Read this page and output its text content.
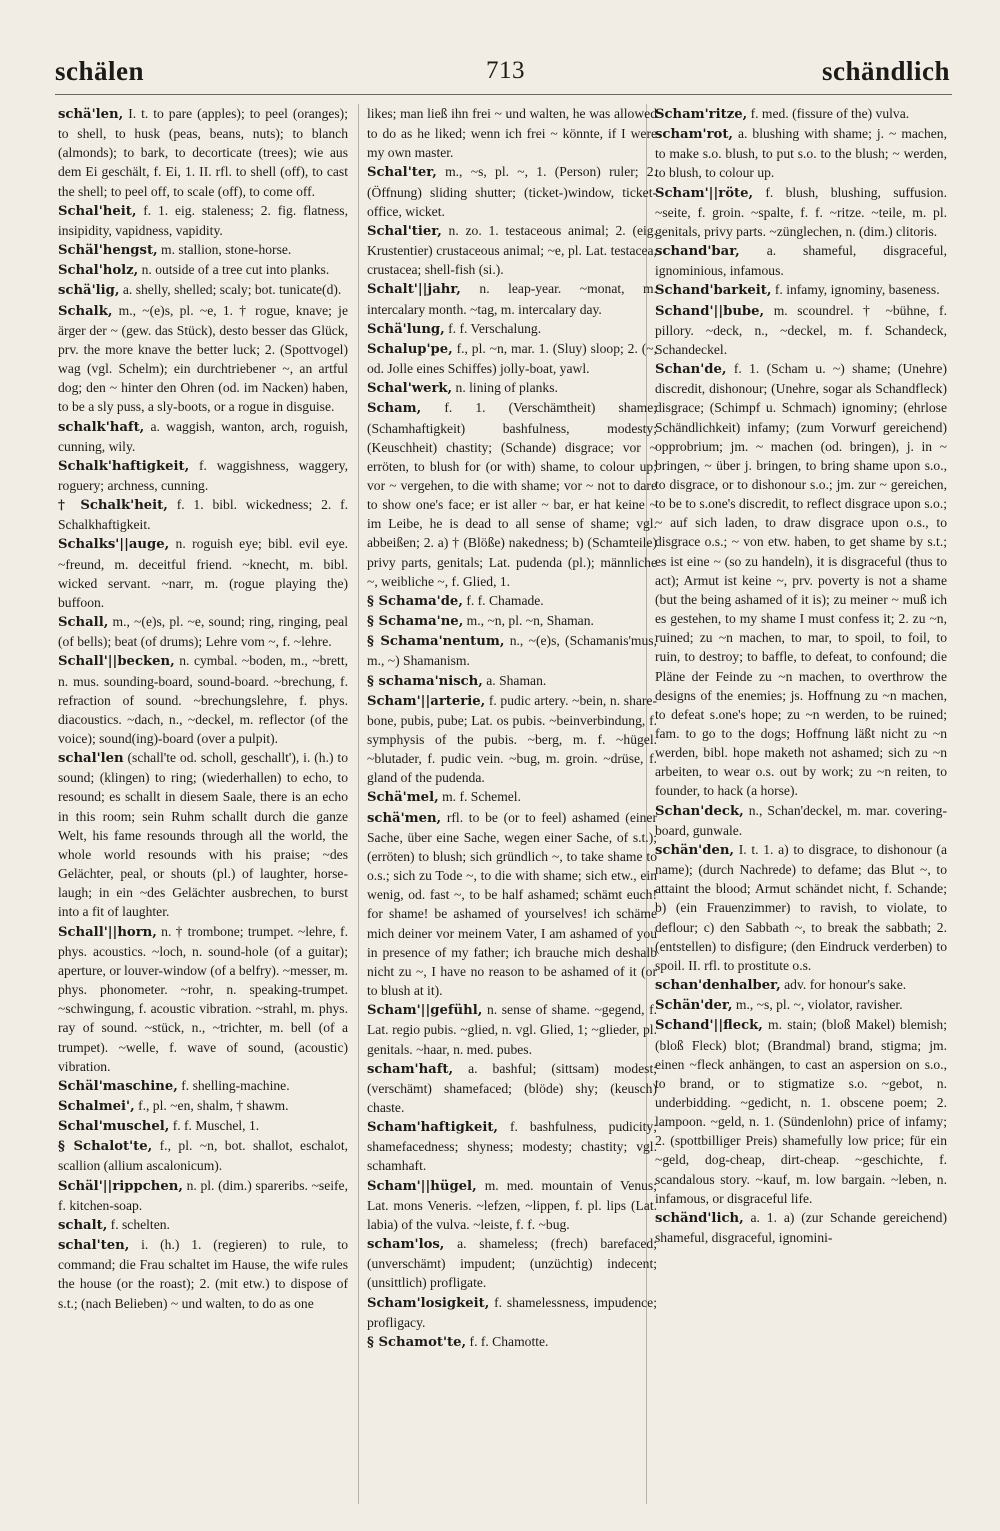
schälen	713	schändlich

schä'len, I. t. to pare (apples); to peel (oranges); to shell, to husk (peas, beans, nuts); to blanch (almonds); to bark, to decorticate (trees); wie aus dem Ei geschält, f. Ei, 1. II. rfl. to shell (off), to cast the shell; to peel off, to scale (off), to come off.

Schal'heit, f. 1. eig. staleness; 2. fig. flatness, insipidity, vapidness, vapidity.

Schäl'hengst, m. stallion, stone-horse.

Schal'holz, n. outside of a tree cut into planks.

schä'lig, a. shelly, shelled; scaly; bot. tunicate(d).

Schalk, m., ~(e)s, pl. ~e, 1. † rogue, knave; je ärger der ~ (gew. das Stück), desto besser das Glück, prv. the more knave the better luck; 2. (Spottvogel) wag (vgl. Schelm); ein durchtriebener ~, an artful dog; den ~ hinter den Ohren (od. im Nacken) haben, to be a sly puss, a sly-boots, or a rogue in disguise.

schalk'haft, a. waggish, wanton, arch, roguish, cunning, wily.

Schalk'haftigkeit, f. waggishness, waggery, roguery; archness, cunning.

† Schalk'heit, f. 1. bibl. wickedness; 2. f. Schalkhaftigkeit.

Schalks'||auge, n. roguish eye; bibl. evil eye. ~freund, m. deceitful friend. ~knecht, m. bibl. wicked servant. ~narr, m. (rogue playing the) buffoon.

Schall, m., ~(e)s, pl. ~e, sound; ring, ringing, peal (of bells); beat (of drums); Lehre vom ~, f. ~lehre.

Schall'||becken, n. cymbal. ~boden, m., ~brett, n. mus. sounding-board, sound-board. ~brechung, f. refraction of sound. ~brechungslehre, f. phys. diacoustics. ~dach, n., ~deckel, m. reflector (of the voice); sound(ing)-board (over a pulpit).

schal'len (schall'te od. scholl, geschallt'), i. (h.) to sound; (klingen) to ring; (wiederhallen) to echo, to resound; es schallt in diesem Saale, there is an echo in this room; sein Ruhm schallt durch die ganze Welt, his fame resounds through all the world, the whole world resounds with his praise; ~des Gelächter, peal, or shouts (pl.) of laughter, horse-laugh; in ein ~des Gelächter ausbrechen, to burst into a fit of laughter.

Schall'||horn, n. † trombone; trumpet. ~lehre, f. phys. acoustics. ~loch, n. sound-hole (of a guitar); aperture, or louver-window (of a belfry). ~messer, m. phys. phonometer. ~rohr, n. speaking-trumpet. ~schwingung, f. acoustic vibration. ~strahl, m. phys. ray of sound. ~stück, n., ~trichter, m. bell (of a trumpet). ~welle, f. wave of sound, (acoustic) vibration.

Schäl'maschine, f. shelling-machine.

Schalmei', f., pl. ~en, shalm, † shawm.

Schal'muschel, f. f. Muschel, 1.

§ Schalot'te, f., pl. ~n, bot. shallot, eschalot, scallion (allium ascalonicum).

Schäl'||rippchen, n. pl. (dim.) spareribs. ~seife, f. kitchen-soap.

schalt, f. schelten.

schal'ten, i. (h.) 1. (regieren) to rule, to command; die Frau schaltet im Hause, the wife rules the house (or the roast); 2. (mit etw.) to dispose of s.t.; (nach Belieben) ~ und walten, to do as one

likes; man ließ ihn frei ~ und walten, he was allowed to do as he liked; wenn ich frei ~ könnte, if I were my own master.

Schal'ter, m., ~s, pl. ~, 1. (Person) ruler; 2. (Öffnung) sliding shutter; (ticket-)window, ticket-office, wicket.

Schal'tier, n. zo. 1. testaceous animal; 2. (eig. Krustentier) crustaceous animal; ~e, pl. Lat. testacea, crustacea; shell-fish (si.).

Schalt'||jahr, n. leap-year. ~monat, m. intercalary month. ~tag, m. intercalary day.

Schä'lung, f. f. Verschalung.

Schalup'pe, f., pl. ~n, mar. 1. (Sluy) sloop; 2. (~, od. Jolle eines Schiffes) jolly-boat, yawl.

Schal'werk, n. lining of planks.

Scham, f. 1. (Verschämtheit) shame; (Schamhaftigkeit) bashfulness, modesty; (Keuschheit) chastity; (Schande) disgrace; vor ~ erröten, to blush for (or with) shame, to colour up; vor ~ vergehen, to die with shame; vor ~ not to dare to show one's face; er ist aller ~ bar, er hat keine ~ im Leibe, he is dead to all sense of shame; vgl. abbeißen; 2. a) † (Blöße) nakedness; b) (Schamteile) privy parts, genitals; Lat. pudenda (pl.); männliche ~, weibliche ~, f. Glied, 1.

§ Schama'de, f. f. Chamade.

§ Schama'ne, m., ~n, pl. ~n, Shaman.

§ Schama'nentum, n., ~(e)s, (Schamanis'mus, m., ~) Shamanism.

§ schama'nisch, a. Shaman.

Scham'||arterie, f. pudic artery. ~bein, n. share-bone, pubis, pube; Lat. os pubis. ~beinverbindung, f. symphysis of the pubis. ~berg, m. f. ~hügel. ~blutader, f. pudic vein. ~bug, m. groin. ~drüse, f. gland of the pudenda.

Schä'mel, m. f. Schemel.

schä'men, rfl. to be (or to feel) ashamed (einer Sache, über eine Sache, wegen einer Sache, of s.t.); (erröten) to blush; sich gründlich ~, to take shame to o.s.; sich zu Tode ~, to die with shame; sich etw., ein wenig, od. fast ~, to be half ashamed; schämt euch! for shame! be ashamed of yourselves! ich schäme mich deiner vor meinem Vater, I am ashamed of you in presence of my father; ich brauche mich deshalb nicht zu ~, I have no reason to be ashamed of it (or to blush at it).

Scham'||gefühl, n. sense of shame. ~gegend, f. Lat. regio pubis. ~glied, n. vgl. Glied, 1; ~glieder, pl. genitals. ~haar, n. med. pubes.

scham'haft, a. bashful; (sittsam) modest; (verschämt) shamefaced; (blöde) shy; (keusch) chaste.

Scham'haftigkeit, f. bashfulness, pudicity; shamefacedness; shyness; modesty; chastity; vgl. schamhaft.

Scham'||hügel, m. med. mountain of Venus; Lat. mons Veneris. ~lefzen, ~lippen, f. pl. lips (Lat. labia) of the vulva. ~leiste, f. f. ~bug.

scham'los, a. shameless; (frech) barefaced; (unverschämt) impudent; (unzüchtig) indecent; (unsittlich) profligate.

Scham'losigkeit, f. shamelessness, impudence; profligacy.

§ Schamot'te, f. f. Chamotte.

Scham'ritze, f. med. (fissure of the) vulva.

scham'rot, a. blushing with shame; j. ~ machen, to make s.o. blush, to put s.o. to the blush; ~ werden, to blush, to colour up.

Scham'||röte, f. blush, blushing, suffusion. ~seite, f. groin. ~spalte, f. f. ~ritze. ~teile, m. pl. genitals, privy parts. ~zünglechen, n. (dim.) clitoris.

schand'bar, a. shameful, disgraceful, ignominious, infamous.

Schand'barkeit, f. infamy, ignominy, baseness.

Schand'||bube, m. scoundrel. † ~bühne, f. pillory. ~deck, n., ~deckel, m. f. Schandeck, Schandeckel.

Schan'de, f. 1. (Scham u. ~) shame; (Unehre) discredit, dishonour; (Unehre, sogar als Schandfleck) disgrace; (Schimpf u. Schmach) ignominy; (ehrlose Schändlichkeit) infamy; (zum Vorwurf gereichend) opprobrium; jm. ~ machen (od. bringen), j. in ~ bringen, ~ über j. bringen, to bring shame upon s.o., to disgrace, or to dishonour s.o.; jm. zur ~ gereichen, to be to s.one's discredit, to reflect disgrace upon s.o.; ~ auf sich laden, to draw disgrace upon o.s., to disgrace o.s.; ~ von etw. haben, to get shame by s.t.; es ist eine ~ (so zu handeln), it is disgraceful (thus to act); Armut ist keine ~, prv. poverty is not a shame (but the being ashamed of it is); zu meiner ~ muß ich es gestehen, to my shame I must confess it; 2. zu ~n, ruined; zu ~n machen, to mar, to spoil, to foil, to ruin, to destroy; to baffle, to defeat, to confound; die Pläne der Feinde zu ~n machen, to overthrow the designs of the enemies; js. Hoffnung zu ~n machen, to defeat s.one's hope; zu ~n werden, to be ruined; fam. to go to the dogs; Hoffnung läßt nicht zu ~n werden, bibl. hope maketh not ashamed; sich zu ~n arbeiten, to wear o.s. out by work; zu ~n reiten, to founder, to hack (a horse).

Schan'deck, n., Schan'deckel, m. mar. covering-board, gunwale.

schän'den, I. t. 1. a) to disgrace, to dishonour (a name); (durch Nachrede) to defame; das Blut ~, to attaint the blood; Armut schändet nicht, f. Schande; b) (ein Frauenzimmer) to ravish, to violate, to deflour; c) den Sabbath ~, to break the sabbath; 2. (entstellen) to disfigure; (den Eindruck verderben) to spoil. II. rfl. to prostitute o.s.

schan'denhalber, adv. for honour's sake.

Schän'der, m., ~s, pl. ~, violator, ravisher.

Schand'||fleck, m. stain; (bloß Makel) blemish; (bloß Fleck) blot; (Brandmal) brand, stigma; jm. einen ~fleck anhängen, to cast an aspersion on s.o., to brand, or to stigmatize s.o. ~gebot, n. underbidding. ~gedicht, n. 1. obscene poem; 2. lampoon. ~geld, n. 1. (Sündenlohn) price of infamy; 2. (spottbilliger Preis) shamefully low price; für ein ~geld, dog-cheap, dirt-cheap. ~geschichte, f. scandalous story. ~kauf, m. low bargain. ~leben, n. infamous, or disgraceful life.

schänd'lich, a. 1. a) (zur Schande gereichend) shameful, disgraceful, ignomini-
